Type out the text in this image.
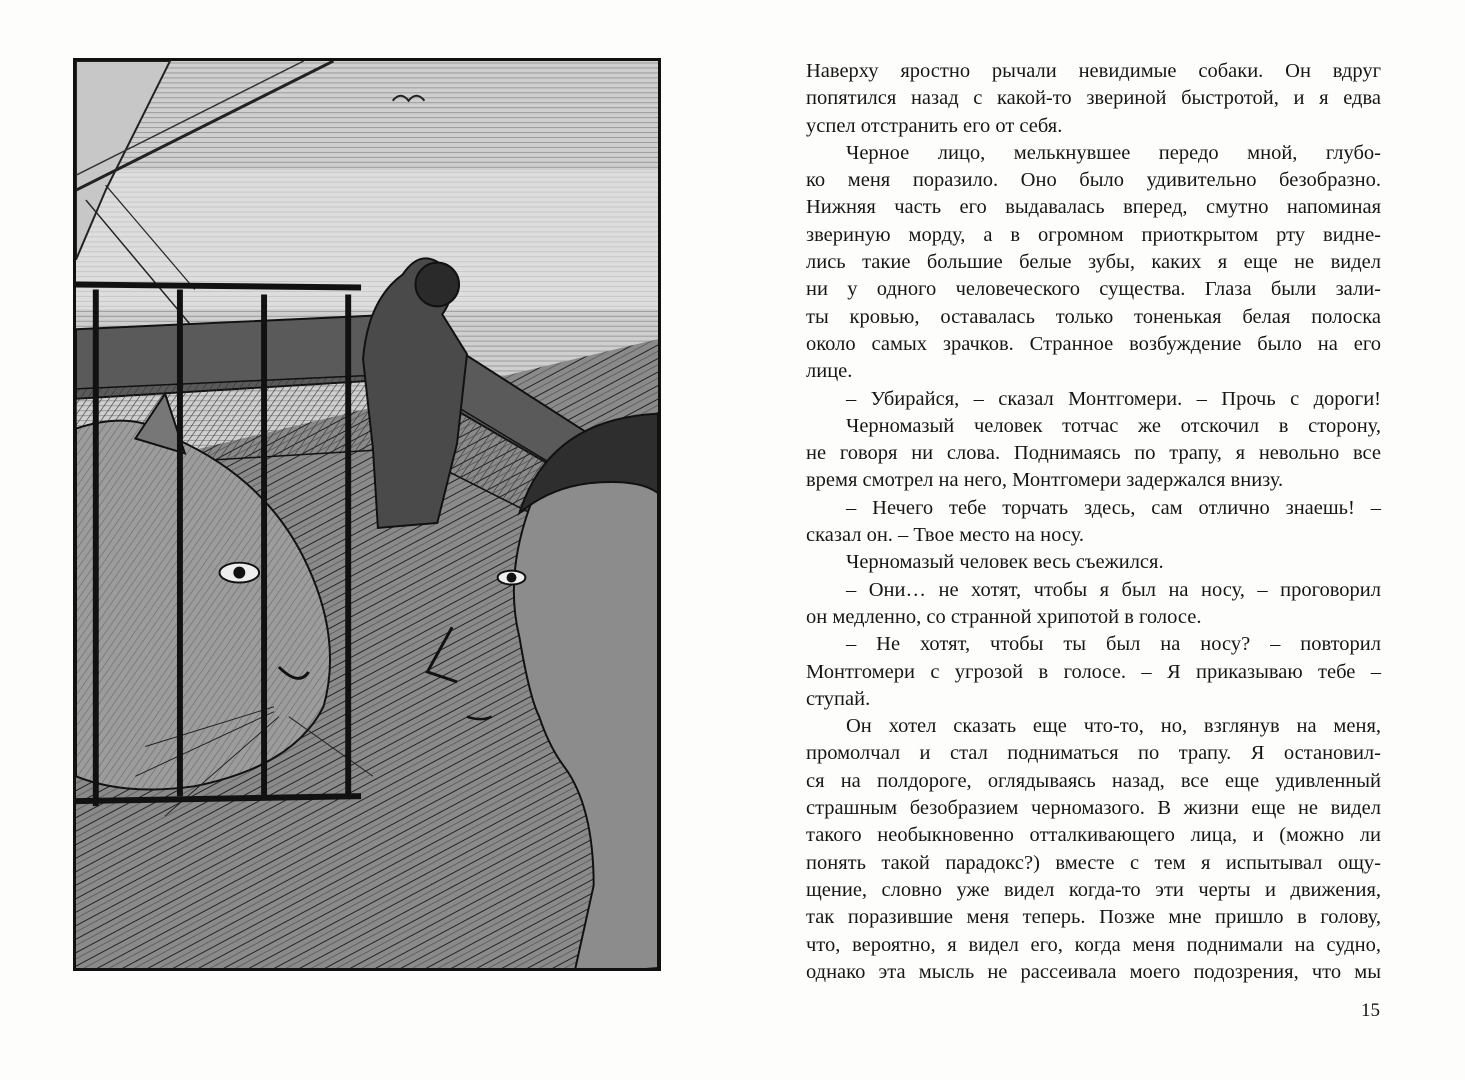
Наверху яростно рычали невидимые собаки. Он вдруг

попятился назад с какой-то звериной быстротой, и я едва

успел отстранить его от себя.

Черное лицо, мелькнувшее передо мной, глубо-

ко меня поразило. Оно было удивительно безобразно.

Нижняя часть его выдавалась вперед, смутно напоминая

звериную морду, а в огромном приоткрытом рту видне-

лись такие большие белые зубы, каких я еще не видел

ни у одного человеческого существа. Глаза были зали-

ты кровью, оставалась только тоненькая белая полоска

около самых зрачков. Странное возбуждение было на его

лице.

– Убирайся, – сказал Монтгомери. – Прочь с дороги!

Черномазый человек тотчас же отскочил в сторону,

не говоря ни слова. Поднимаясь по трапу, я невольно все

время смотрел на него, Монтгомери задержался внизу.

– Нечего тебе торчать здесь, сам отлично знаешь! –

сказал он. – Твое место на носу.

Черномазый человек весь съежился.

– Они… не хотят, чтобы я был на носу, – проговорил

он медленно, со странной хрипотой в голосе.

– Не хотят, чтобы ты был на носу? – повторил

Монтгомери с угрозой в голосе. – Я приказываю тебе –

ступай.

Он хотел сказать еще что-то, но, взглянув на меня,

промолчал и стал подниматься по трапу. Я остановил-

ся на полдороге, оглядываясь назад, все еще удивленный

страшным безобразием черномазого. В жизни еще не видел

такого необыкновенно отталкивающего лица, и (можно ли

понять такой парадокс?) вместе с тем я испытывал ощу-

щение, словно уже видел когда-то эти черты и движения,

так поразившие меня теперь. Позже мне пришло в голову,

что, вероятно, я видел его, когда меня поднимали на судно,

однако эта мысль не рассеивала моего подозрения, что мы

15
